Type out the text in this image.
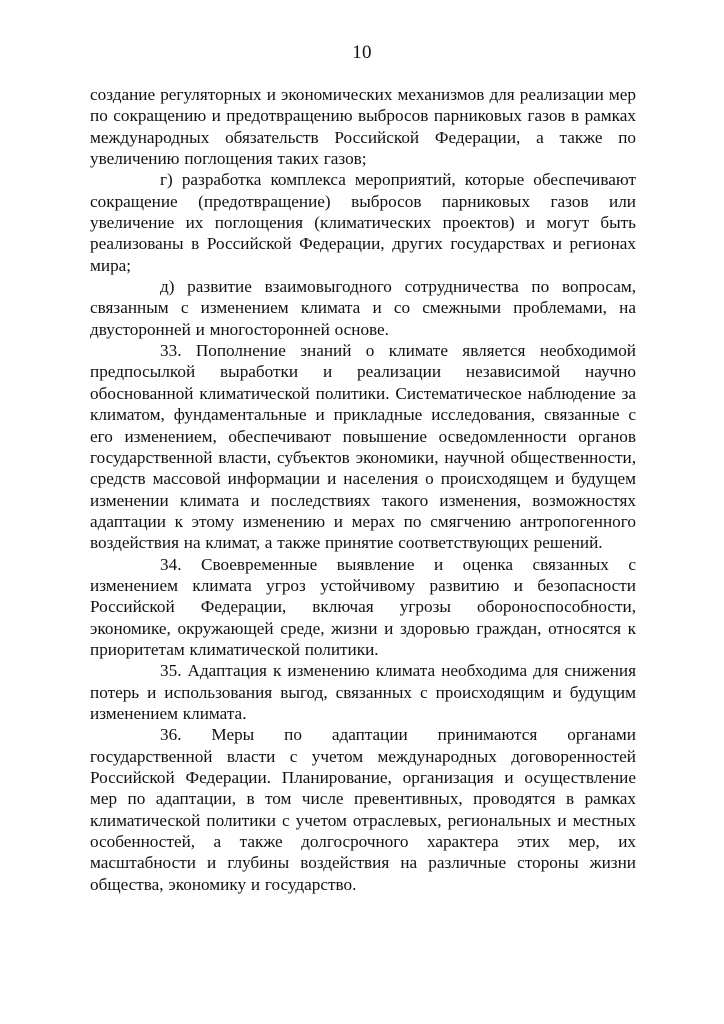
10

создание регуляторных и экономических механизмов для реализации мер по сокращению и предотвращению выбросов парниковых газов в рамках международных обязательств Российской Федерации, а также по увеличению поглощения таких газов;

г) разработка комплекса мероприятий, которые обеспечивают сокращение (предотвращение) выбросов парниковых газов или увеличение их поглощения (климатических проектов) и могут быть реализованы в Российской Федерации, других государствах и регионах мира;

д) развитие взаимовыгодного сотрудничества по вопросам, связанным с изменением климата и со смежными проблемами, на двусторонней и многосторонней основе.

33. Пополнение знаний о климате является необходимой предпосылкой выработки и реализации независимой научно обоснованной климатической политики. Систематическое наблюдение за климатом, фундаментальные и прикладные исследования, связанные с его изменением, обеспечивают повышение осведомленности органов государственной власти, субъектов экономики, научной общественности, средств массовой информации и населения о происходящем и будущем изменении климата и последствиях такого изменения, возможностях адаптации к этому изменению и мерах по смягчению антропогенного воздействия на климат, а также принятие соответствующих решений.

34. Своевременные выявление и оценка связанных с изменением климата угроз устойчивому развитию и безопасности Российской Федерации, включая угрозы обороноспособности, экономике, окружающей среде, жизни и здоровью граждан, относятся к приоритетам климатической политики.

35. Адаптация к изменению климата необходима для снижения потерь и использования выгод, связанных с происходящим и будущим изменением климата.

36. Меры по адаптации принимаются органами государственной власти с учетом международных договоренностей Российской Федерации. Планирование, организация и осуществление мер по адаптации, в том числе превентивных, проводятся в рамках климатической политики с учетом отраслевых, региональных и местных особенностей, а также долгосрочного характера этих мер, их масштабности и глубины воздействия на различные стороны жизни общества, экономику и государство.
